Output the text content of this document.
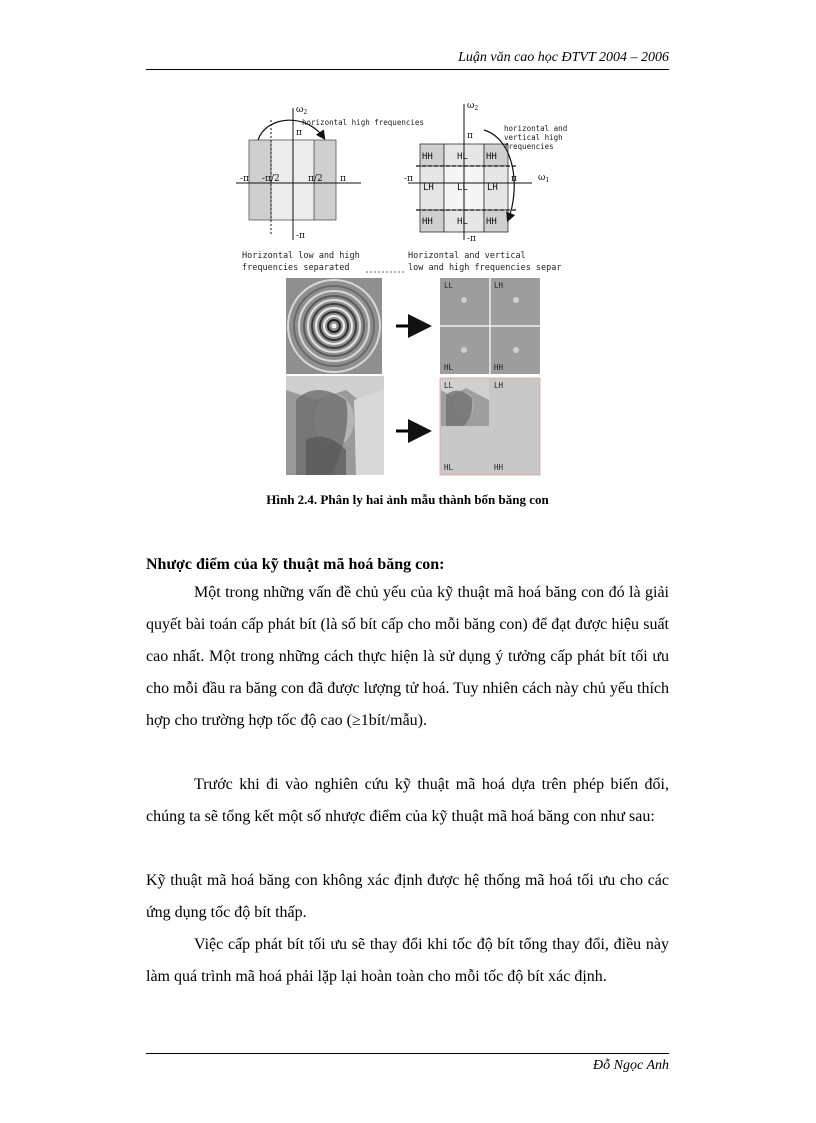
Luận văn cao học ĐTVT 2004 – 2006
$\omega_2$
horizontal high frequencies
π
-π -π/2	π/2 π
-π
Horizontal low and high
frequencies separated
$\omega_2$
horizontal and
vertical high
frequencies
π
-π	π
-π
$\omega_1$
HH	HL HH
LH	LL LH
HH	HL HH
Horizontal and vertical
low and high frequencies separ
LL	LH
HL	HH
LL	LH
HL	HH
Hình 2.4. Phân ly hai ảnh mẫu thành bốn băng con
Nhược điểm của kỹ thuật mã hoá băng con:

Một trong những vấn đề chủ yếu của kỹ thuật mã hoá băng con đó là giải quyết bài toán cấp phát bít (là số bít cấp cho mỗi băng con) để đạt được hiệu suất cao nhất. Một trong những cách thực hiện là sử dụng ý tưởng cấp phát bít tối ưu cho mỗi đầu ra băng con đã được lượng tử hoá. Tuy nhiên cách này chủ yếu thích hợp cho trường hợp tốc độ cao (≥1bít/mẫu).

Trước khi đi vào nghiên cứu kỹ thuật mã hoá dựa trên phép biến đổi, chúng ta sẽ tổng kết một số nhược điểm của kỹ thuật mã hoá băng con như sau:

Kỹ thuật mã hoá băng con không xác định được hệ thống mã hoá tối ưu cho các ứng dụng tốc độ bít thấp.

Việc cấp phát bít tối ưu sẽ thay đổi khi tốc độ bít tổng thay đổi, điều này làm quá trình mã hoá phải lặp lại hoàn toàn cho mỗi tốc độ bít xác định.

Đỗ Ngọc Anh
